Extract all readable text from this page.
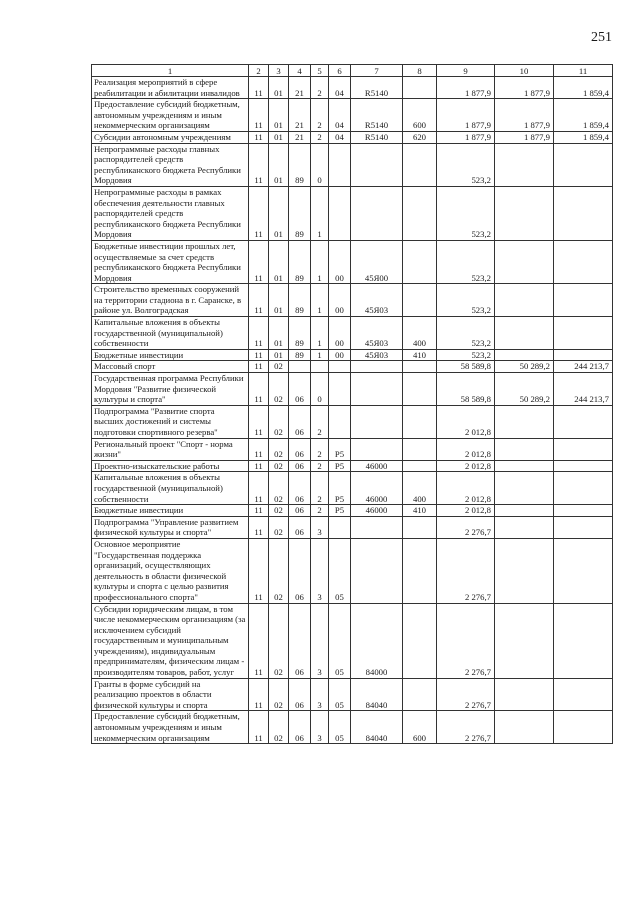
251
1	2	3	4	5	6	7	8	9	10	11
Реализация мероприятий в сфере реабилитации и абилитации инвалидов	11	01	21	2	04	R5140		1 877,9	1 877,9	1 859,4
Предоставление субсидий бюджетным, автономным учреждениям и иным некоммерческим организациям	11	01	21	2	04	R5140	600	1 877,9	1 877,9	1 859,4
Субсидии автономным учреждениям	11	01	21	2	04	R5140	620	1 877,9	1 877,9	1 859,4
Непрограммные расходы главных распорядителей средств республиканского бюджета Республики Мордовия	11	01	89	0				523,2		
Непрограммные расходы в рамках обеспечения деятельности главных распорядителей средств республиканского бюджета Республики Мордовия	11	01	89	1				523,2		
Бюджетные инвестиции прошлых лет, осуществляемые за счет средств республиканского бюджета Республики Мордовия	11	01	89	1	00	45Я00		523,2		
Строительство временных сооружений на территории стадиона в г. Саранске, в районе ул. Волгоградская	11	01	89	1	00	45Я03		523,2		
Капитальные вложения в объекты государственной (муниципальной) собственности	11	01	89	1	00	45Я03	400	523,2		
Бюджетные инвестиции	11	01	89	1	00	45Я03	410	523,2		
Массовый спорт	11	02						58 589,8	50 289,2	244 213,7
Государственная программа Республики Мордовия "Развитие физической культуры и спорта"	11	02	06	0				58 589,8	50 289,2	244 213,7
Подпрограмма "Развитие спорта высших достижений и системы подготовки спортивного резерва"	11	02	06	2				2 012,8		
Региональный проект "Спорт - норма жизни"	11	02	06	2	P5			2 012,8		
Проектно-изыскательские работы	11	02	06	2	P5	46000		2 012,8		
Капитальные вложения в объекты государственной (муниципальной) собственности	11	02	06	2	P5	46000	400	2 012,8		
Бюджетные инвестиции	11	02	06	2	P5	46000	410	2 012,8		
Подпрограмма "Управление развитием физической культуры и спорта"	11	02	06	3				2 276,7		
Основное мероприятие "Государственная поддержка организаций, осуществляющих деятельность в области физической культуры и спорта с целью развития профессионального спорта"	11	02	06	3	05			2 276,7		
Субсидии юридическим лицам, в том числе некоммерческим организациям (за исключением субсидий государственным и муниципальным учреждениям), индивидуальным предпринимателям, физическим лицам - производителям товаров, работ, услуг	11	02	06	3	05	84000		2 276,7		
Гранты в форме субсидий на реализацию проектов в области физической культуры и спорта	11	02	06	3	05	84040		2 276,7		
Предоставление субсидий бюджетным, автономным учреждениям и иным некоммерческим организациям	11	02	06	3	05	84040	600	2 276,7		
